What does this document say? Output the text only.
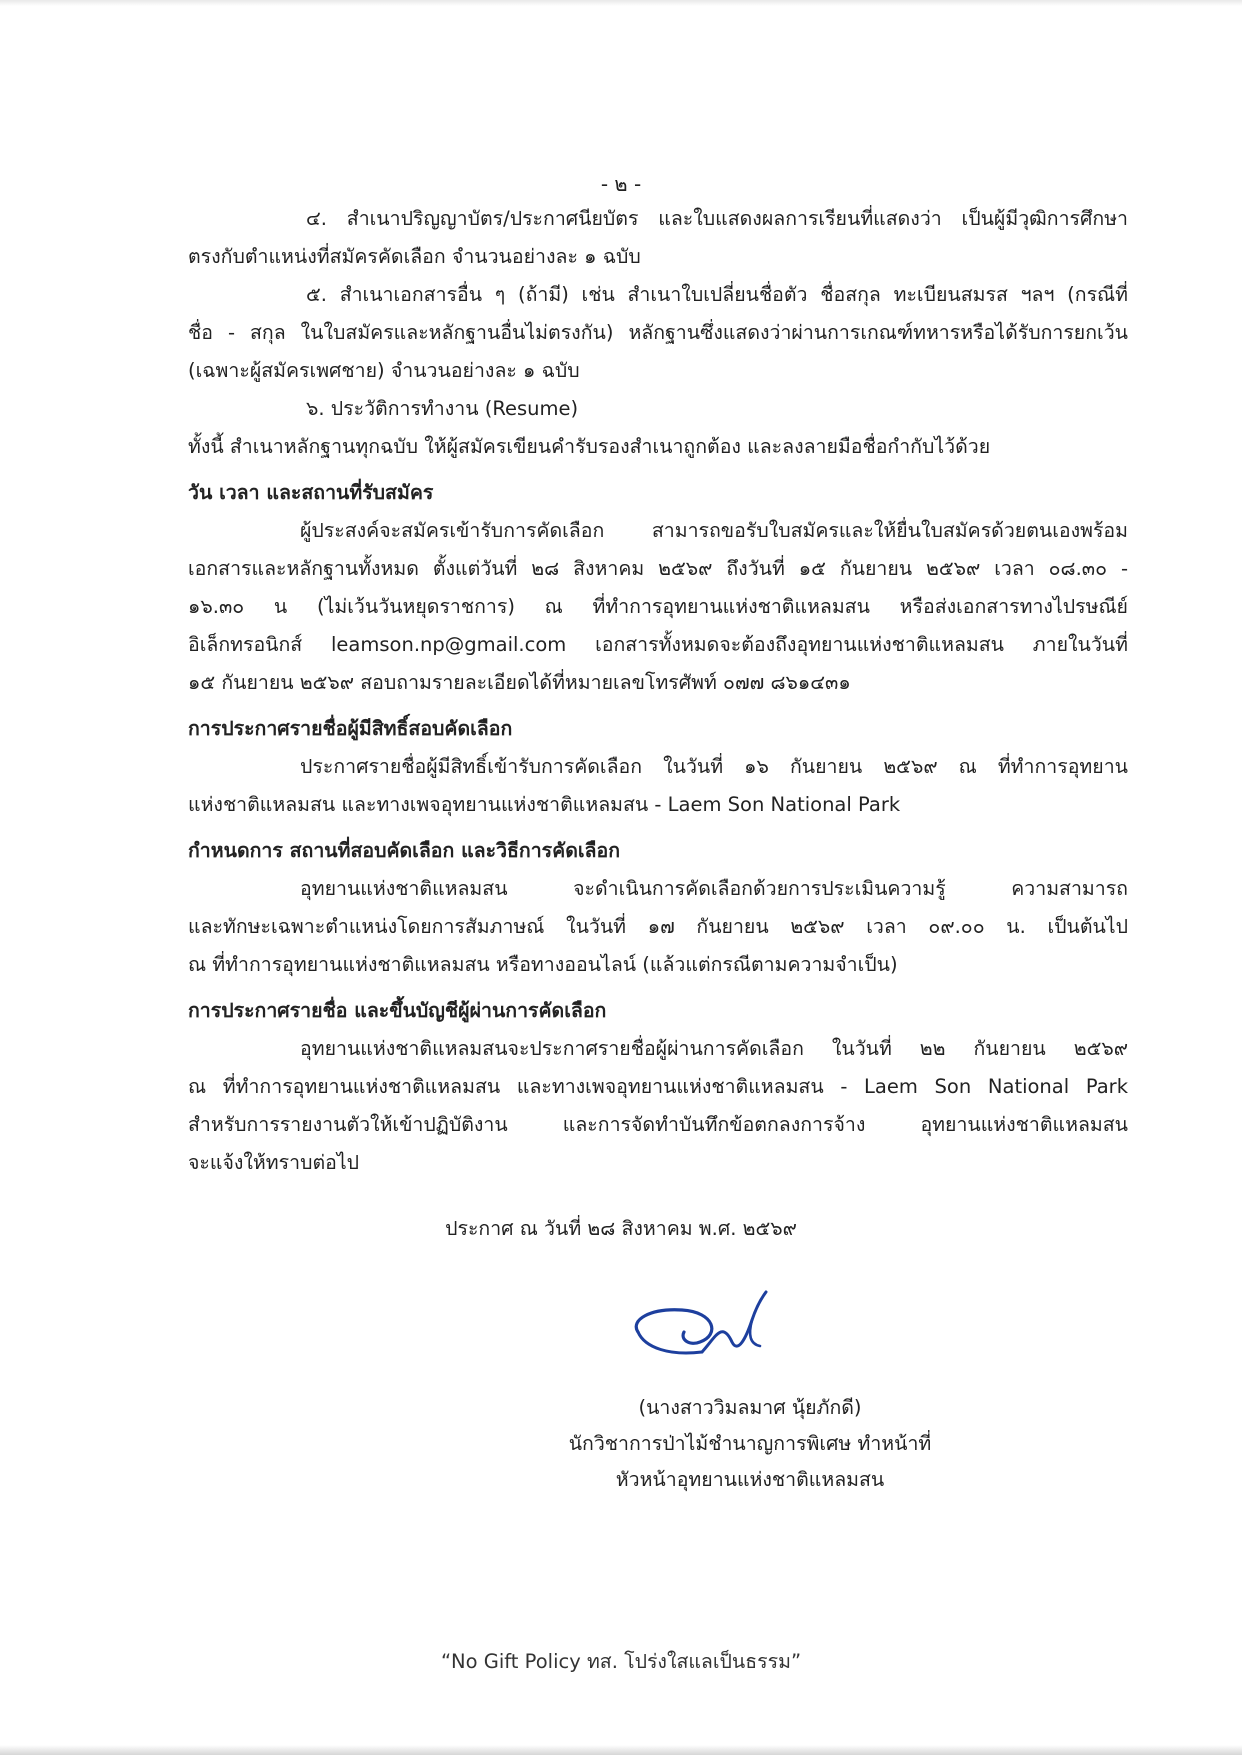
- ๒ -
๔. สำเนาปริญญาบัตร/ประกาศนียบัตร และใบแสดงผลการเรียนที่แสดงว่า เป็นผู้มีวุฒิการศึกษา
ตรงกับตำแหน่งที่สมัครคัดเลือก จำนวนอย่างละ ๑ ฉบับ
๕. สำเนาเอกสารอื่น ๆ (ถ้ามี) เช่น สำเนาใบเปลี่ยนชื่อตัว ชื่อสกุล ทะเบียนสมรส ฯลฯ (กรณีที่
ชื่อ - สกุล ในใบสมัครและหลักฐานอื่นไม่ตรงกัน) หลักฐานซึ่งแสดงว่าผ่านการเกณฑ์ทหารหรือได้รับการยกเว้น
(เฉพาะผู้สมัครเพศชาย) จำนวนอย่างละ ๑ ฉบับ
๖. ประวัติการทำงาน (Resume)
ทั้งนี้ สำเนาหลักฐานทุกฉบับ ให้ผู้สมัครเขียนคำรับรองสำเนาถูกต้อง และลงลายมือชื่อกำกับไว้ด้วย
วัน เวลา และสถานที่รับสมัคร
ผู้ประสงค์จะสมัครเข้ารับการคัดเลือก สามารถขอรับใบสมัครและให้ยื่นใบสมัครด้วยตนเองพร้อม
เอกสารและหลักฐานทั้งหมด ตั้งแต่วันที่ ๒๘ สิงหาคม ๒๕๖๙ ถึงวันที่ ๑๕ กันยายน ๒๕๖๙ เวลา ๐๘.๓๐ -
๑๖.๓๐ น (ไม่เว้นวันหยุดราชการ) ณ ที่ทำการอุทยานแห่งชาติแหลมสน หรือส่งเอกสารทางไปรษณีย์
อิเล็กทรอนิกส์ leamson.np@gmail.com เอกสารทั้งหมดจะต้องถึงอุทยานแห่งชาติแหลมสน ภายในวันที่
๑๕ กันยายน ๒๕๖๙ สอบถามรายละเอียดได้ที่หมายเลขโทรศัพท์ ๐๗๗ ๘๖๑๔๓๑
การประกาศรายชื่อผู้มีสิทธิ์สอบคัดเลือก
ประกาศรายชื่อผู้มีสิทธิ์เข้ารับการคัดเลือก ในวันที่ ๑๖ กันยายน ๒๕๖๙ ณ ที่ทำการอุทยาน
แห่งชาติแหลมสน และทางเพจอุทยานแห่งชาติแหลมสน - Laem Son National Park
กำหนดการ สถานที่สอบคัดเลือก และวิธีการคัดเลือก
อุทยานแห่งชาติแหลมสน จะดำเนินการคัดเลือกด้วยการประเมินความรู้ ความสามารถ
และทักษะเฉพาะตำแหน่งโดยการสัมภาษณ์ ในวันที่ ๑๗ กันยายน ๒๕๖๙ เวลา ๐๙.๐๐ น. เป็นต้นไป
ณ ที่ทำการอุทยานแห่งชาติแหลมสน หรือทางออนไลน์ (แล้วแต่กรณีตามความจำเป็น)
การประกาศรายชื่อ และขึ้นบัญชีผู้ผ่านการคัดเลือก
อุทยานแห่งชาติแหลมสนจะประกาศรายชื่อผู้ผ่านการคัดเลือก ในวันที่ ๒๒ กันยายน ๒๕๖๙
ณ ที่ทำการอุทยานแห่งชาติแหลมสน และทางเพจอุทยานแห่งชาติแหลมสน - Laem Son National Park
สำหรับการรายงานตัวให้เข้าปฏิบัติงาน และการจัดทำบันทึกข้อตกลงการจ้าง อุทยานแห่งชาติแหลมสน
จะแจ้งให้ทราบต่อไป
ประกาศ ณ วันที่ ๒๘ สิงหาคม พ.ศ. ๒๕๖๙
(นางสาววิมลมาศ นุ้ยภักดี)
นักวิชาการป่าไม้ชำนาญการพิเศษ ทำหน้าที่
หัวหน้าอุทยานแห่งชาติแหลมสน
“No Gift Policy ทส. โปร่งใสแลเป็นธรรม”
